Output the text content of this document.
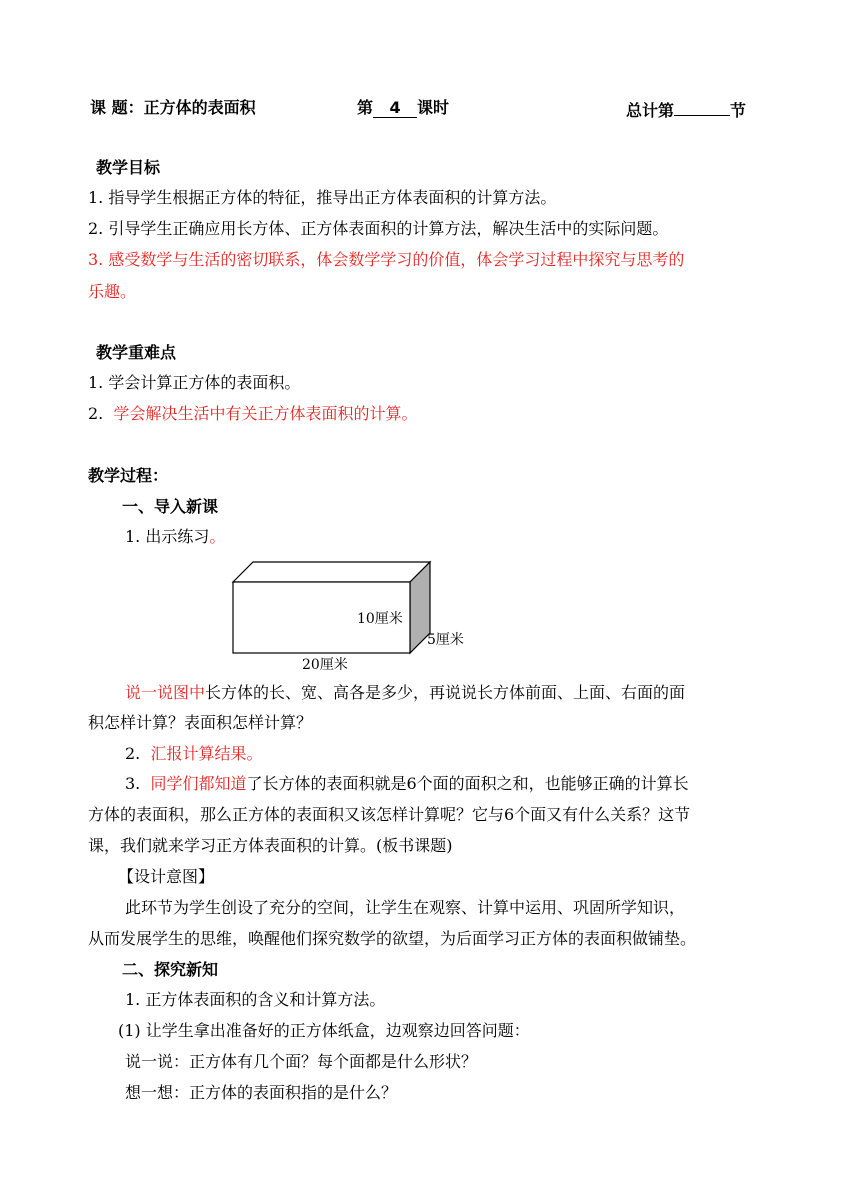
课 题：正方体的表面积	第 4 课时	总计第	节
教学目标
1. 指导学生根据正方体的特征，推导出正方体表面积的计算方法。
2. 引导学生正确应用长方体、正方体表面积的计算方法，解决生活中的实际问题。
3. 感受数学与生活的密切联系，体会数学学习的价值，体会学习过程中探究与思考的
乐趣。
教学重难点
1. 学会计算正方体的表面积。
2. 学会解决生活中有关正方体表面积的计算。
教学过程：
一、导入新课
1. 出示练习。
10厘米
5厘米
20厘米
说一说图中长方体的长、宽、高各是多少，再说说长方体前面、上面、右面的面
积怎样计算？表面积怎样计算？
2. 汇报计算结果。
3. 同学们都知道了长方体的表面积就是6个面的面积之和，也能够正确的计算长
方体的表面积，那么正方体的表面积又该怎样计算呢？它与6个面又有什么关系？这节
课，我们就来学习正方体表面积的计算。(板书课题)
【设计意图】
此环节为学生创设了充分的空间，让学生在观察、计算中运用、巩固所学知识，
从而发展学生的思维，唤醒他们探究数学的欲望，为后面学习正方体的表面积做铺垫。
二、探究新知
1. 正方体表面积的含义和计算方法。
(1) 让学生拿出准备好的正方体纸盒，边观察边回答问题：
说一说：正方体有几个面？每个面都是什么形状？
想一想：正方体的表面积指的是什么？
